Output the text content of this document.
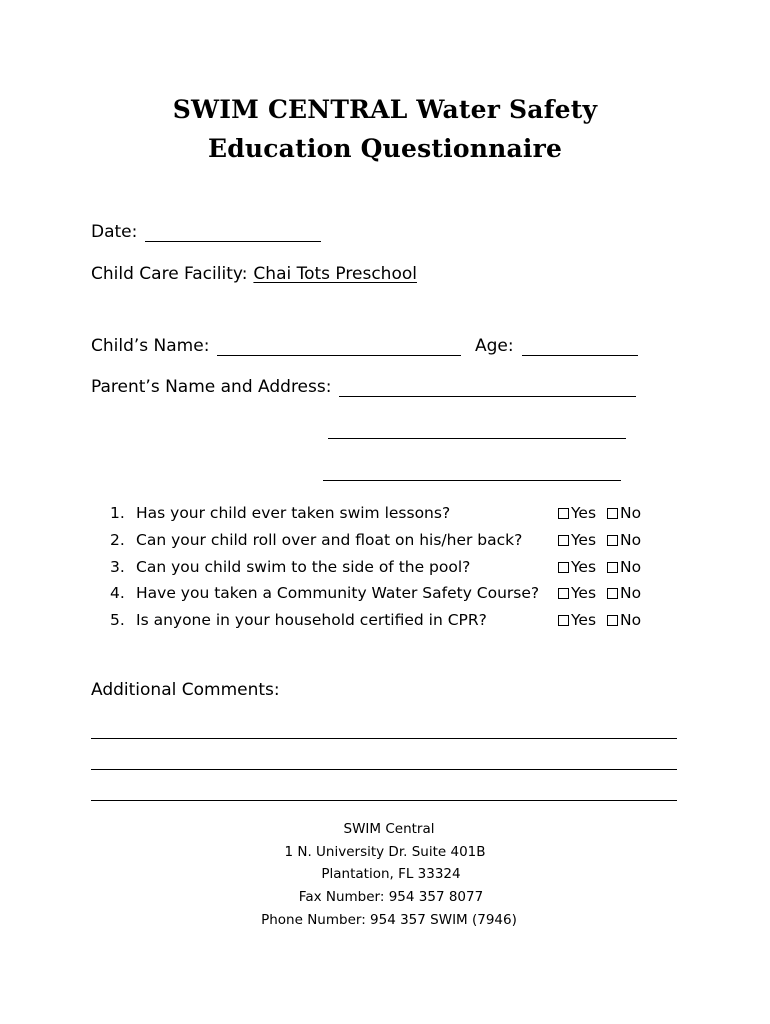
SWIM CENTRAL Water Safety
Education Questionnaire
Date:
Child Care Facility: Chai Tots Preschool
Child’s Name:	Age:
Parent’s Name and Address:
1. Has your child ever taken swim lessons?	Yes No
2. Can your child roll over and float on his/her back?	Yes No
3. Can you child swim to the side of the pool?	Yes No
4. Have you taken a Community Water Safety Course? Yes No
5. Is anyone in your household certified in CPR?	Yes No
Additional Comments:
SWIM Central
1 N. University Dr. Suite 401B
Plantation, FL 33324
Fax Number: 954 357 8077
Phone Number: 954 357 SWIM (7946)
